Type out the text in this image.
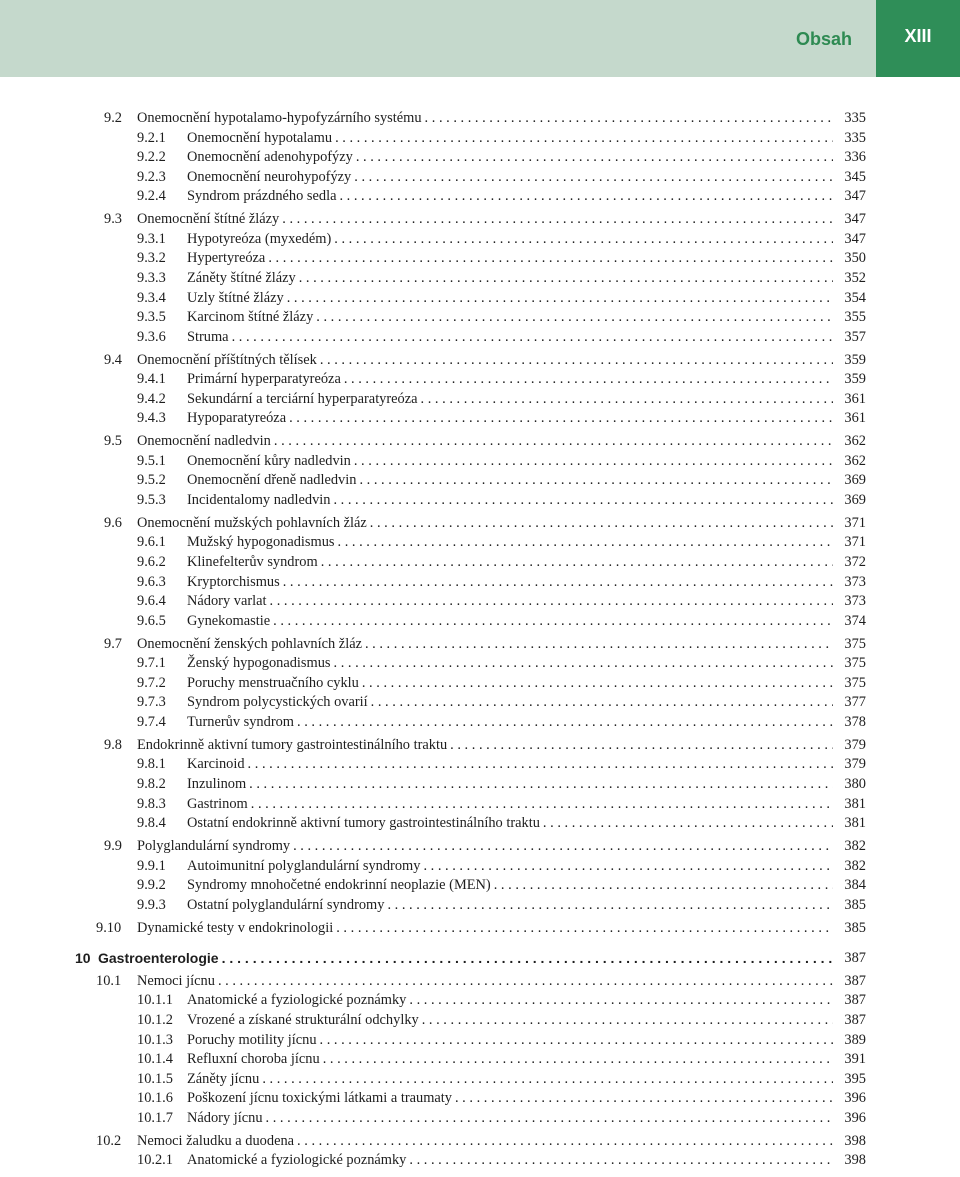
Obsah	XIII
9.2 Onemocnění hypotalamo-hypofyzárního systému . . .	335
9.2.1 Onemocnění hypotalamu . . .	335
9.2.2 Onemocnění adenohypofýzy . . .	336
9.2.3 Onemocnění neurohypofýzy . . .	345
9.2.4 Syndrom prázdného sedla . . .	347
9.3 Onemocnění štítné žlázy . . .	347
9.3.1 Hypotyreóza (myxedém) . . .	347
9.3.2 Hypertyreóza . . .	350
9.3.3 Záněty štítné žlázy . . .	352
9.3.4 Uzly štítné žlázy . . .	354
9.3.5 Karcinom štítné žlázy . . .	355
9.3.6 Struma . . .	357
9.4 Onemocnění příštítných tělísek . . .	359
9.4.1 Primární hyperparatyreóza . . .	359
9.4.2 Sekundární a terciární hyperparatyreóza . . .	361
9.4.3 Hypoparatyreóza . . .	361
9.5 Onemocnění nadledvin . . .	362
9.5.1 Onemocnění kůry nadledvin . . .	362
9.5.2 Onemocnění dřeně nadledvin . . .	369
9.5.3 Incidentalomy nadledvin . . .	369
9.6 Onemocnění mužských pohlavních žláz . . .	371
9.6.1 Mužský hypogonadismus . . .	371
9.6.2 Klinefelterův syndrom . . .	372
9.6.3 Kryptorchismus . . .	373
9.6.4 Nádory varlat . . .	373
9.6.5 Gynekomastie . . .	374
9.7 Onemocnění ženských pohlavních žláz . . .	375
9.7.1 Ženský hypogonadismus . . .	375
9.7.2 Poruchy menstruačního cyklu . . .	375
9.7.3 Syndrom polycystických ovarií . . .	377
9.7.4 Turnerův syndrom . . .	378
9.8 Endokrinně aktivní tumory gastrointestinálního traktu . . .	379
9.8.1 Karcinoid . . .	379
9.8.2 Inzulinom . . .	380
9.8.3 Gastrinom . . .	381
9.8.4 Ostatní endokrinně aktivní tumory gastrointestinálního traktu . . .	381
9.9 Polyglandulární syndromy . . .	382
9.9.1 Autoimunitní polyglandulární syndromy . . .	382
9.9.2 Syndromy mnohočetné endokrinní neoplazie (MEN) . . .	384
9.9.3 Ostatní polyglandulární syndromy . . .	385
9.10 Dynamické testy v endokrinologii . . .	385
10 Gastroenterologie . . .	387
10.1 Nemoci jícnu . . .	387
10.1.1 Anatomické a fyziologické poznámky . . .	387
10.1.2 Vrozené a získané strukturální odchylky . . .	387
10.1.3 Poruchy motility jícnu . . .	389
10.1.4 Refluxní choroba jícnu . . .	391
10.1.5 Záněty jícnu . . .	395
10.1.6 Poškození jícnu toxickými látkami a traumaty . . .	396
10.1.7 Nádory jícnu . . .	396
10.2 Nemoci žaludku a duodena . . .	398
10.2.1 Anatomické a fyziologické poznámky . . .	398
